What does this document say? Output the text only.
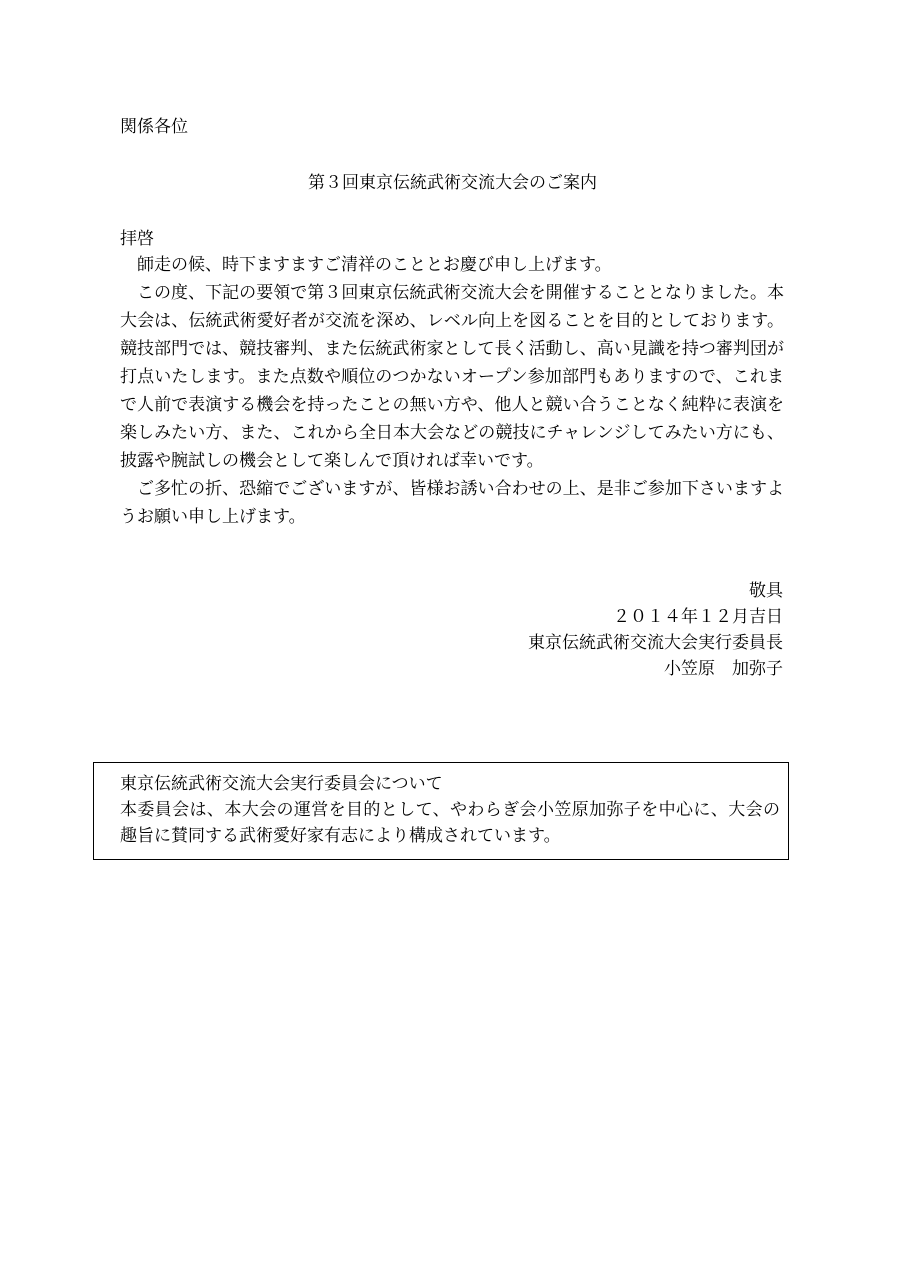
関係各位
第３回東京伝統武術交流大会のご案内
拝啓

師走の候、時下ますますご清祥のこととお慶び申し上げます。

この度、下記の要領で第３回東京伝統武術交流大会を開催することとなりました。本大会は、伝統武術愛好者が交流を深め、レベル向上を図ることを目的としております。競技部門では、競技審判、また伝統武術家として長く活動し、高い見識を持つ審判団が打点いたします。また点数や順位のつかないオープン参加部門もありますので、これまで人前で表演する機会を持ったことの無い方や、他人と競い合うことなく純粋に表演を楽しみたい方、また、これから全日本大会などの競技にチャレンジしてみたい方にも、披露や腕試しの機会として楽しんで頂ければ幸いです。

ご多忙の折、恐縮でございますが、皆様お誘い合わせの上、是非ご参加下さいますようお願い申し上げます。

敬具
２０１４年１２月吉日
東京伝統武術交流大会実行委員長
小笠原　加弥子

東京伝統武術交流大会実行委員会について

本委員会は、本大会の運営を目的として、やわらぎ会小笠原加弥子を中心に、大会の趣旨に賛同する武術愛好家有志により構成されています。
